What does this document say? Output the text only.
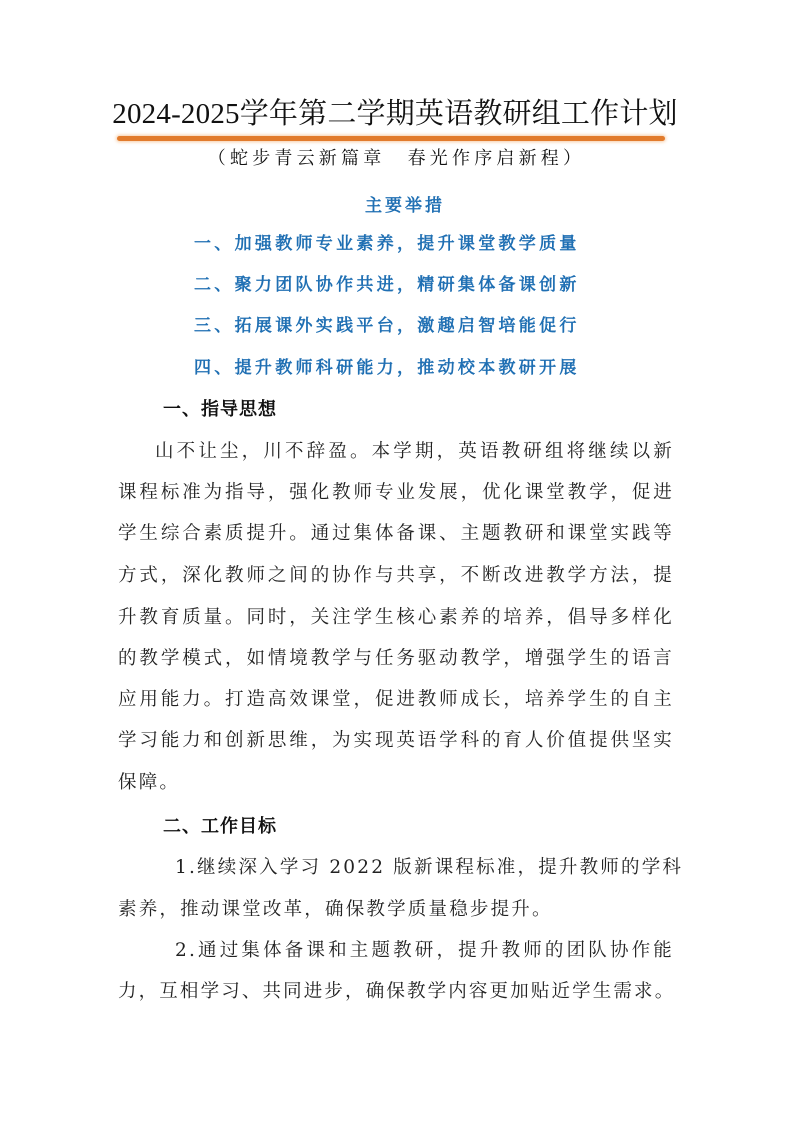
2024-2025学年第二学期英语教研组工作计划
（蛇步青云新篇章　春光作序启新程）
主要举措
一、加强教师专业素养，提升课堂教学质量
二、聚力团队协作共进，精研集体备课创新
三、拓展课外实践平台，激趣启智培能促行
四、提升教师科研能力，推动校本教研开展
一、指导思想
山不让尘，川不辞盈。本学期，英语教研组将继续以新
课程标准为指导，强化教师专业发展，优化课堂教学，促进
学生综合素质提升。通过集体备课、主题教研和课堂实践等
方式，深化教师之间的协作与共享，不断改进教学方法，提
升教育质量。同时，关注学生核心素养的培养，倡导多样化
的教学模式，如情境教学与任务驱动教学，增强学生的语言
应用能力。打造高效课堂，促进教师成长，培养学生的自主
学习能力和创新思维，为实现英语学科的育人价值提供坚实
保障。
二、工作目标
1.继续深入学习 2022 版新课程标准，提升教师的学科
素养，推动课堂改革，确保教学质量稳步提升。
2.通过集体备课和主题教研，提升教师的团队协作能
力，互相学习、共同进步，确保教学内容更加贴近学生需求。
